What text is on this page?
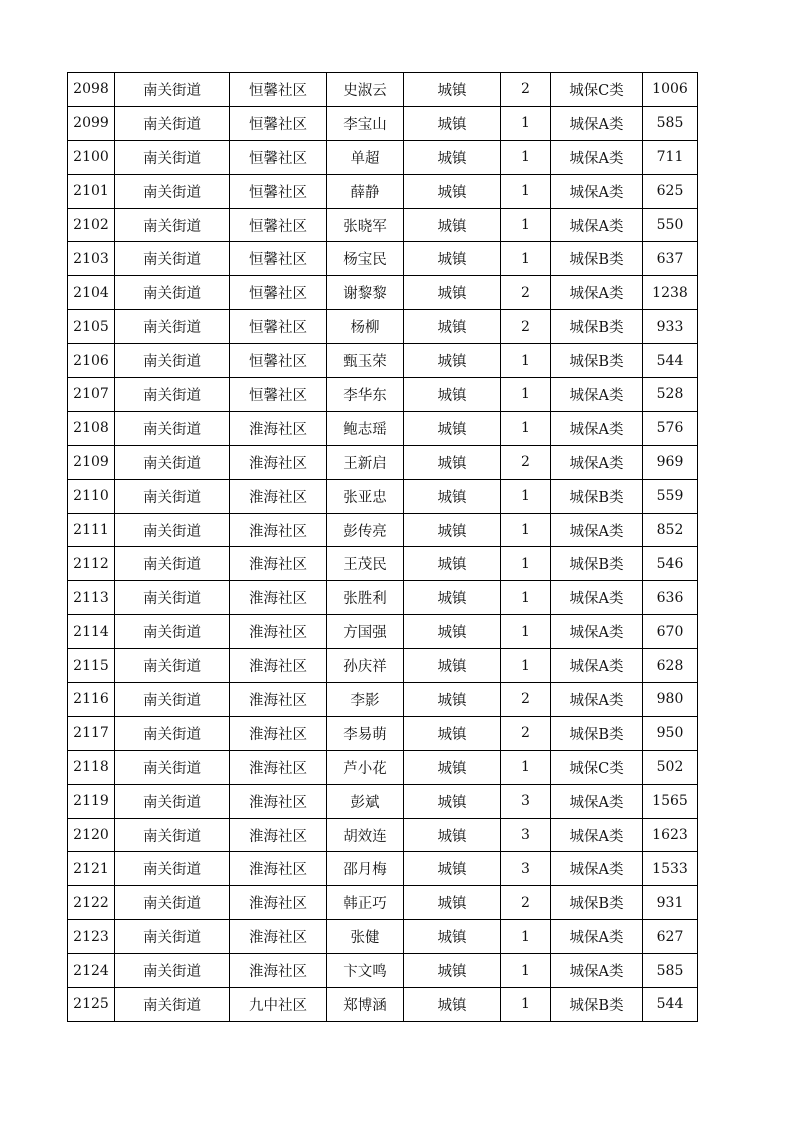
2098	南关街道	恒馨社区	史淑云	城镇	2	城保C类	1006
2099	南关街道	恒馨社区	李宝山	城镇	1	城保A类	585
2100	南关街道	恒馨社区	单超	城镇	1	城保A类	711
2101	南关街道	恒馨社区	薛静	城镇	1	城保A类	625
2102	南关街道	恒馨社区	张晓军	城镇	1	城保A类	550
2103	南关街道	恒馨社区	杨宝民	城镇	1	城保B类	637
2104	南关街道	恒馨社区	谢黎黎	城镇	2	城保A类	1238
2105	南关街道	恒馨社区	杨柳	城镇	2	城保B类	933
2106	南关街道	恒馨社区	甄玉荣	城镇	1	城保B类	544
2107	南关街道	恒馨社区	李华东	城镇	1	城保A类	528
2108	南关街道	淮海社区	鲍志瑶	城镇	1	城保A类	576
2109	南关街道	淮海社区	王新启	城镇	2	城保A类	969
2110	南关街道	淮海社区	张亚忠	城镇	1	城保B类	559
2111	南关街道	淮海社区	彭传亮	城镇	1	城保A类	852
2112	南关街道	淮海社区	王茂民	城镇	1	城保B类	546
2113	南关街道	淮海社区	张胜利	城镇	1	城保A类	636
2114	南关街道	淮海社区	方国强	城镇	1	城保A类	670
2115	南关街道	淮海社区	孙庆祥	城镇	1	城保A类	628
2116	南关街道	淮海社区	李影	城镇	2	城保A类	980
2117	南关街道	淮海社区	李易萌	城镇	2	城保B类	950
2118	南关街道	淮海社区	芦小花	城镇	1	城保C类	502
2119	南关街道	淮海社区	彭斌	城镇	3	城保A类	1565
2120	南关街道	淮海社区	胡效连	城镇	3	城保A类	1623
2121	南关街道	淮海社区	邵月梅	城镇	3	城保A类	1533
2122	南关街道	淮海社区	韩正巧	城镇	2	城保B类	931
2123	南关街道	淮海社区	张健	城镇	1	城保A类	627
2124	南关街道	淮海社区	卞文鸣	城镇	1	城保A类	585
2125	南关街道	九中社区	郑博涵	城镇	1	城保B类	544
